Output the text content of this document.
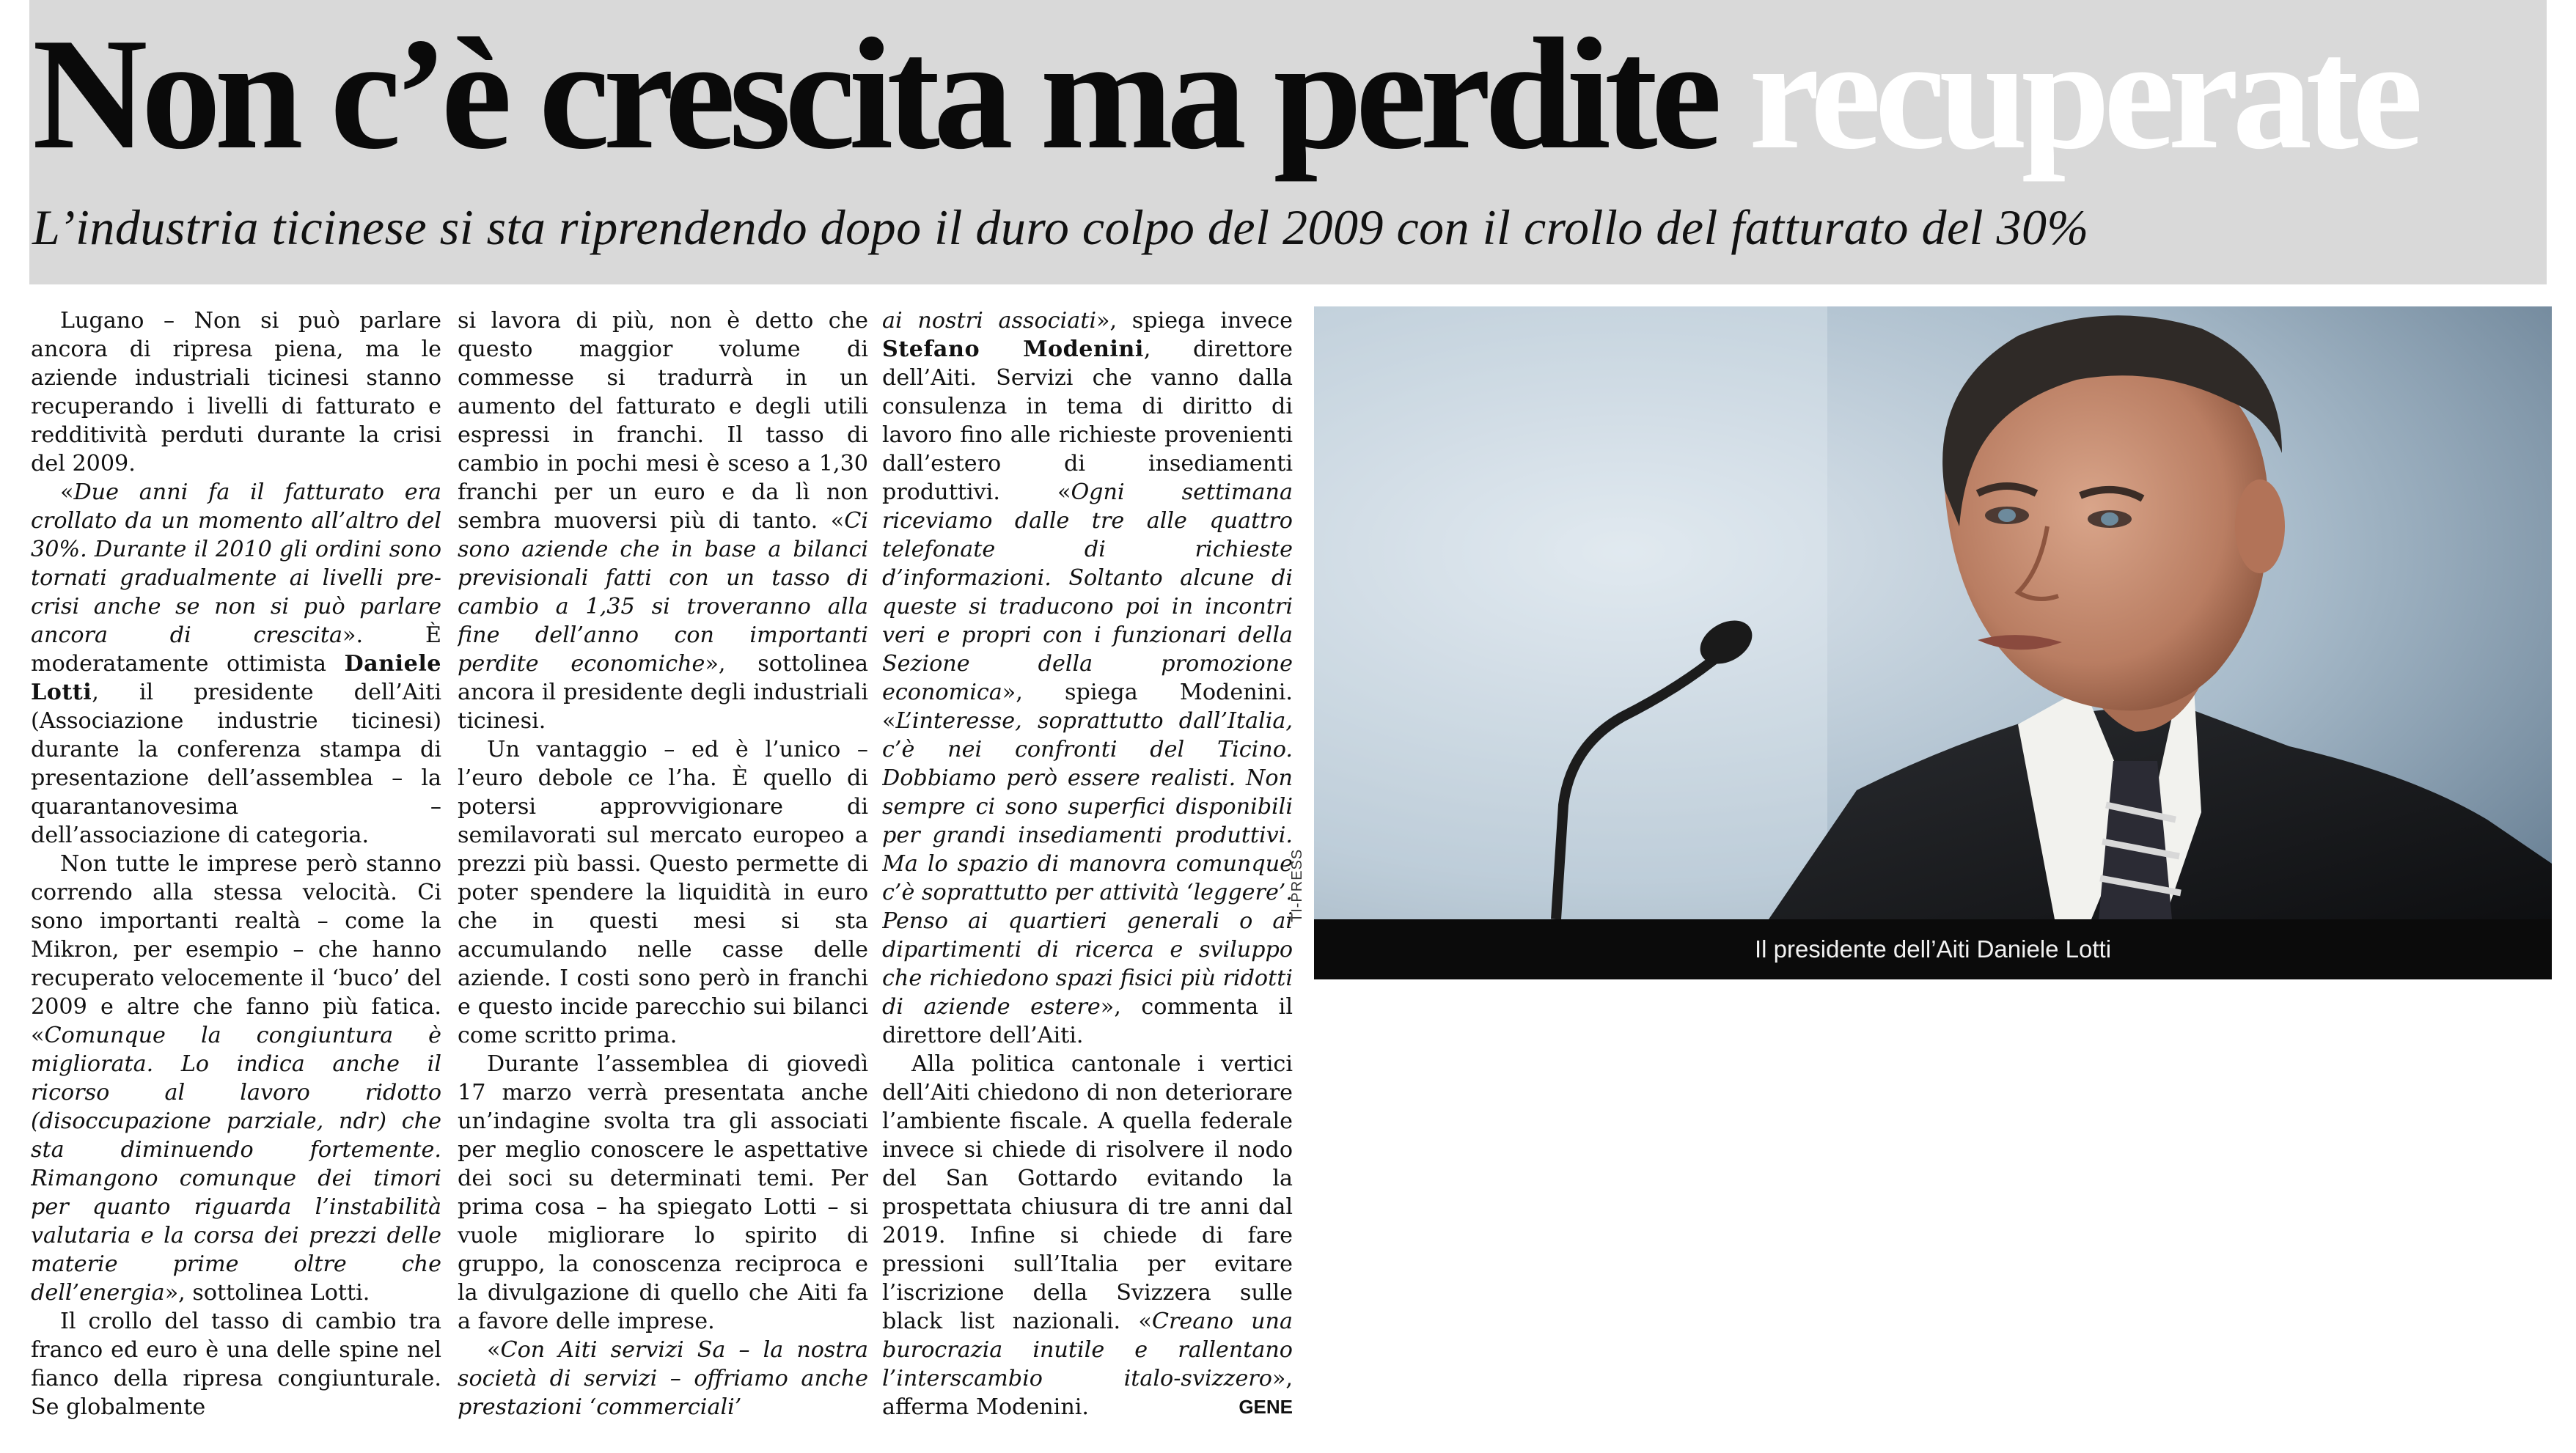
Non c’è crescita ma perdite recuperate
L’industria ticinese si sta riprendendo dopo il duro colpo del 2009 con il crollo del fatturato del 30%

Lugano – Non si può parlare ancora di ripresa piena, ma le aziende industriali ticinesi stanno recuperando i livelli di fatturato e redditività perduti durante la crisi del 2009.

«Due anni fa il fatturato era crollato da un momento all’altro del 30%. Durante il 2010 gli ordini sono tornati gradualmente ai livelli pre-crisi anche se non si può parlare ancora di crescita». È moderatamente ottimista Daniele Lotti, il presidente dell’Aiti (Associazione industrie ticinesi) durante la conferenza stampa di presentazione dell’assemblea – la quarantanovesima – dell’associazione di categoria.

Non tutte le imprese però stanno correndo alla stessa velocità. Ci sono importanti realtà – come la Mikron, per esempio – che hanno recuperato velocemente il ‘buco’ del 2009 e altre che fanno più fatica. «Comunque la congiuntura è migliorata. Lo indica anche il ricorso al lavoro ridotto (disoccupazione parziale, ndr) che sta diminuendo fortemente. Rimangono comunque dei timori per quanto riguarda l’instabilità valutaria e la corsa dei prezzi delle materie prime oltre che dell’energia», sottolinea Lotti.

Il crollo del tasso di cambio tra franco ed euro è una delle spine nel fianco della ripresa congiunturale. Se globalmente

si lavora di più, non è detto che questo maggior volume di commesse si tradurrà in un aumento del fatturato e degli utili espressi in franchi. Il tasso di cambio in pochi mesi è sceso a 1,30 franchi per un euro e da lì non sembra muoversi più di tanto. «Ci sono aziende che in base a bilanci previsionali fatti con un tasso di cambio a 1,35 si troveranno alla fine dell’anno con importanti perdite economiche», sottolinea ancora il presidente degli industriali ticinesi.

Un vantaggio – ed è l’unico – l’euro debole ce l’ha. È quello di potersi approvvigionare di semilavorati sul mercato europeo a prezzi più bassi. Questo permette di poter spendere la liquidità in euro che in questi mesi si sta accumulando nelle casse delle aziende. I costi sono però in franchi e questo incide parecchio sui bilanci come scritto prima.

Durante l’assemblea di giovedì 17 marzo verrà presentata anche un’indagine svolta tra gli associati per meglio conoscere le aspettative dei soci su determinati temi. Per prima cosa – ha spiegato Lotti – si vuole migliorare lo spirito di gruppo, la conoscenza reciproca e la divulgazione di quello che Aiti fa a favore delle imprese.

«Con Aiti servizi Sa – la nostra società di servizi – offriamo anche prestazioni ‘commerciali’

ai nostri associati», spiega invece Stefano Modenini, direttore dell’Aiti. Servizi che vanno dalla consulenza in tema di diritto di lavoro fino alle richieste provenienti dall’estero di insediamenti produttivi. «Ogni settimana riceviamo dalle tre alle quattro telefonate di richieste d’informazioni. Soltanto alcune di queste si traducono poi in incontri veri e propri con i funzionari della Sezione della promozione economica», spiega Modenini. «L’interesse, soprattutto dall’Italia, c’è nei confronti del Ticino. Dobbiamo però essere realisti. Non sempre ci sono superfici disponibili per grandi insediamenti produttivi. Ma lo spazio di manovra comunque c’è soprattutto per attività ‘leggere’. Penso ai quartieri generali o ai dipartimenti di ricerca e sviluppo che richiedono spazi fisici più ridotti di aziende estere», commenta il direttore dell’Aiti.

Alla politica cantonale i vertici dell’Aiti chiedono di non deteriorare l’ambiente fiscale. A quella federale invece si chiede di risolvere il nodo del San Gottardo evitando la prospettata chiusura di tre anni dal 2019. Infine si chiede di fare pressioni sull’Italia per evitare l’iscrizione della Svizzera sulle black list nazionali. «Creano una burocrazia inutile e rallentano l’interscambio italo-svizzero», afferma Modenini.	GENE

TI-PRESS
Il presidente dell’Aiti Daniele Lotti
